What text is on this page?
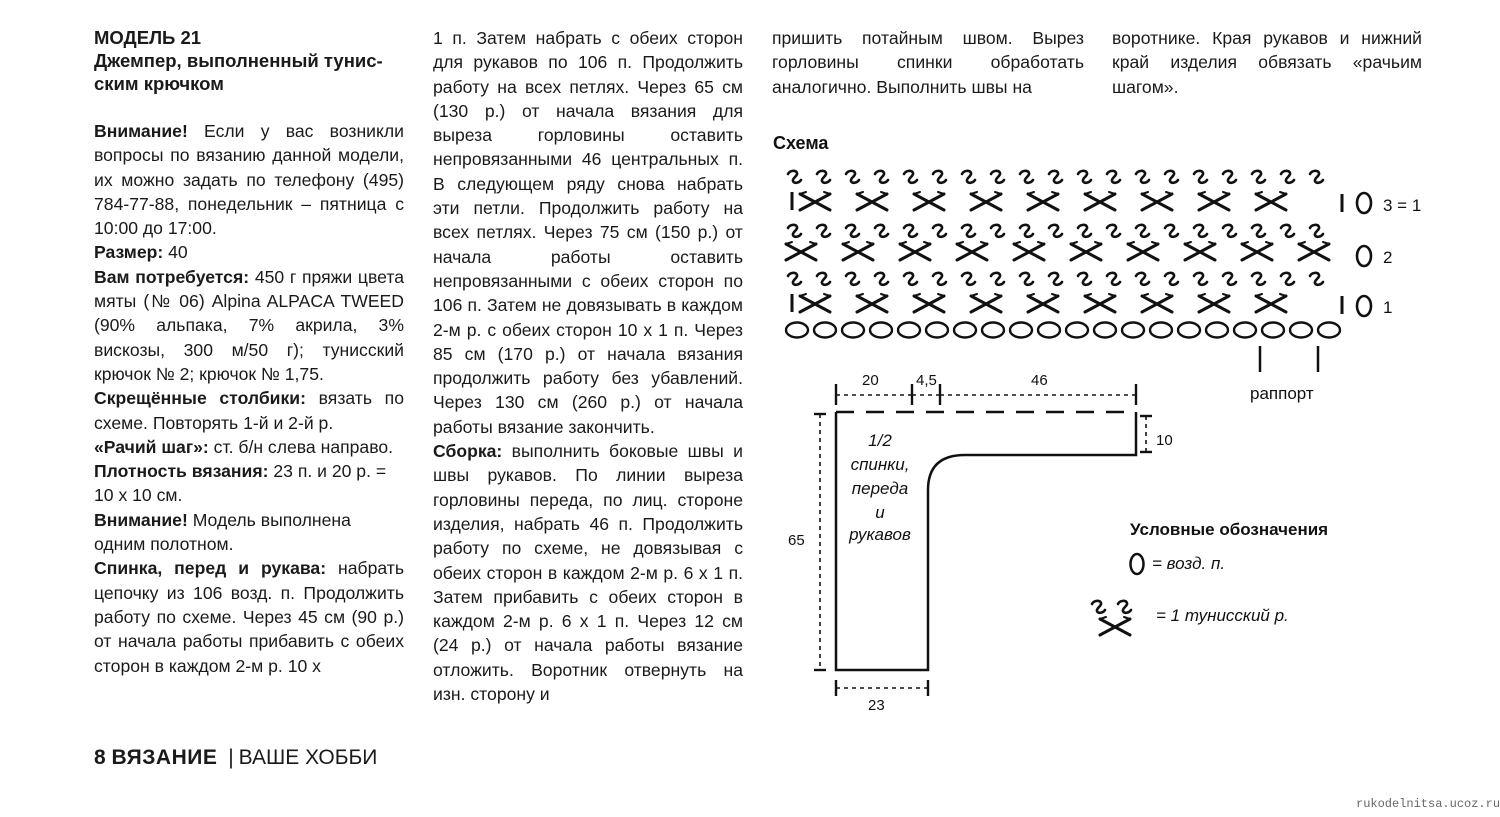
МОДЕЛЬ 21
Джемпер, выполненный тунис-ским крючком

Внимание! Если у вас возникли вопросы по вязанию данной модели, их можно задать по телефону (495) 784-77-88, понедельник – пятница с 10:00 до 17:00.

Размер: 40

Вам потребуется: 450 г пряжи цвета мяты (№ 06) Alpina ALPACA TWEED (90% альпака, 7% акрила, 3% вискозы, 300 м/50 г); тунисский крючок № 2; крючок № 1,75.

Скрещённые столбики: вязать по схеме. Повторять 1-й и 2-й р.

«Рачий шаг»: ст. б/н слева направо.

Плотность вязания: 23 п. и 20 р. = 10 х 10 см.

Внимание! Модель выполнена одним полотном.

Спинка, перед и рукава: набрать цепочку из 106 возд. п. Продолжить работу по схеме. Через 45 см (90 р.) от начала работы прибавить с обеих сторон в каждом 2-м р. 10 х

1 п. Затем набрать с обеих сторон для рукавов по 106 п. Продолжить работу на всех петлях. Через 65 см (130 р.) от начала вязания для выреза горловины оставить непровязанными 46 центральных п. В следующем ряду снова набрать эти петли. Продолжить работу на всех петлях. Через 75 см (150 р.) от начала работы оставить непровязанными с обеих сторон по 106 п. Затем не довязывать в каждом 2-м р. с обеих сторон 10 х 1 п. Через 85 см (170 р.) от начала вязания продолжить работу без убавлений. Через 130 см (260 р.) от начала работы вязание закончить.

Сборка: выполнить боковые швы и швы рукавов. По линии выреза горловины переда, по лиц. стороне изделия, набрать 46 п. Продолжить работу по схеме, не довязывая с обеих сторон в каждом 2-м р. 6 х 1 п. Затем прибавить с обеих сторон в каждом 2-м р. 6 х 1 п. Через 12 см (24 р.) от начала работы вязание отложить. Воротник отвернуть на изн. сторону и

пришить потайным швом. Вырез горловины спинки обработать аналогично. Выполнить швы на

воротнике. Края рукавов и нижний край изделия обвязать «рачьим шагом».

Схема
3 = 1
2
1
раппорт
20 4,5	46
10
65
23
1/2
спинки,
переда
и
рукавов	Условные обозначения
= возд. п.
= 1 тунисский р.
8 ВЯЗАНИЕ | ВАШЕ ХОББИ
rukodelnitsa.ucoz.ru
